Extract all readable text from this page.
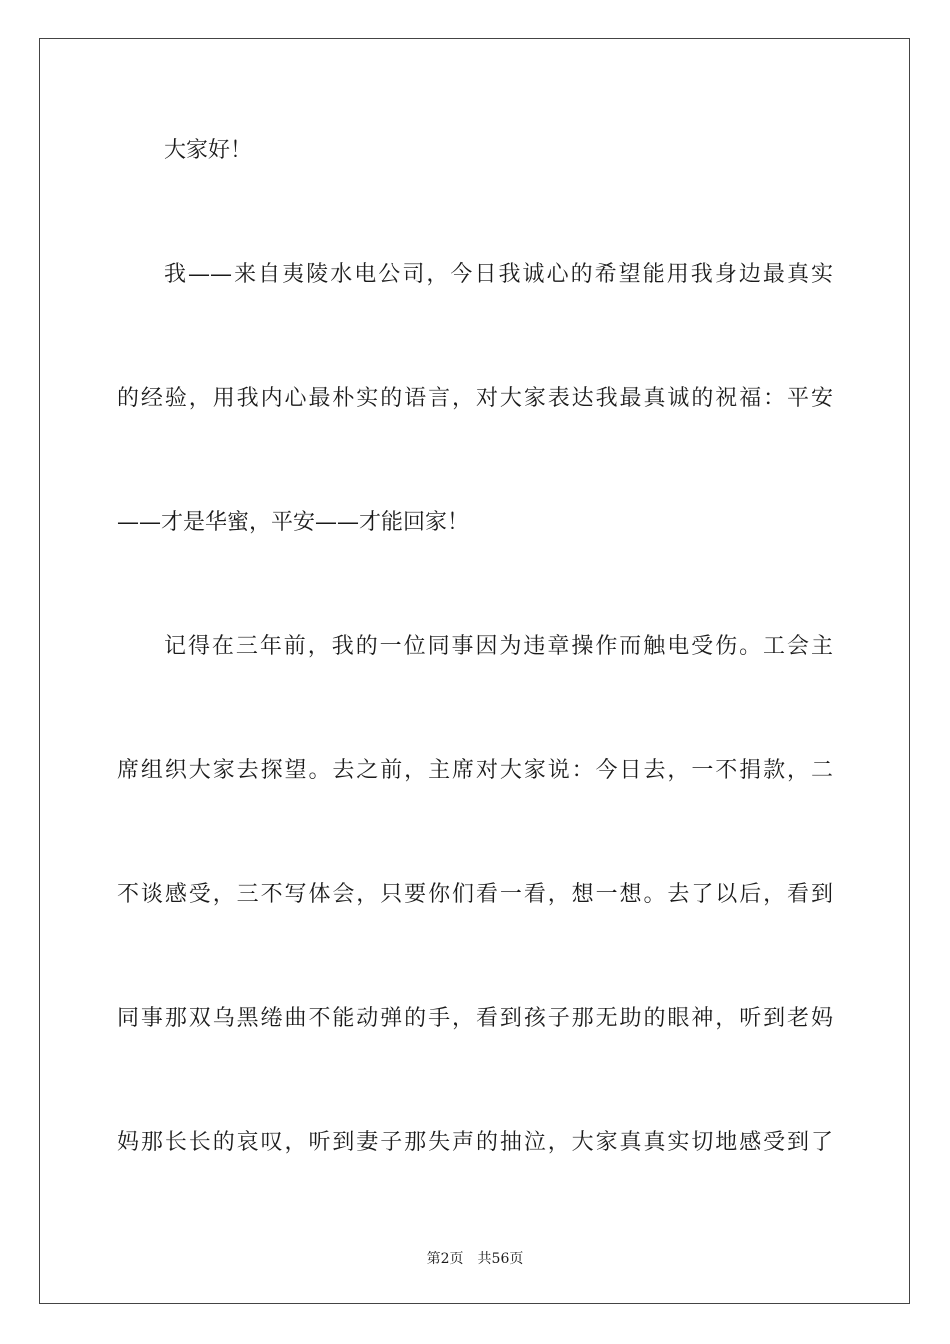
大家好！
我——来自夷陵水电公司，今日我诚心的希望能用我身边最真实
的经验，用我内心最朴实的语言，对大家表达我最真诚的祝福：平安
——才是华蜜，平安——才能回家！
记得在三年前，我的一位同事因为违章操作而触电受伤。工会主
席组织大家去探望。去之前，主席对大家说：今日去，一不捐款，二
不谈感受，三不写体会，只要你们看一看，想一想。去了以后，看到
同事那双乌黑绻曲不能动弹的手，看到孩子那无助的眼神，听到老妈
妈那长长的哀叹，听到妻子那失声的抽泣，大家真真实切地感受到了
第2页 共56页
